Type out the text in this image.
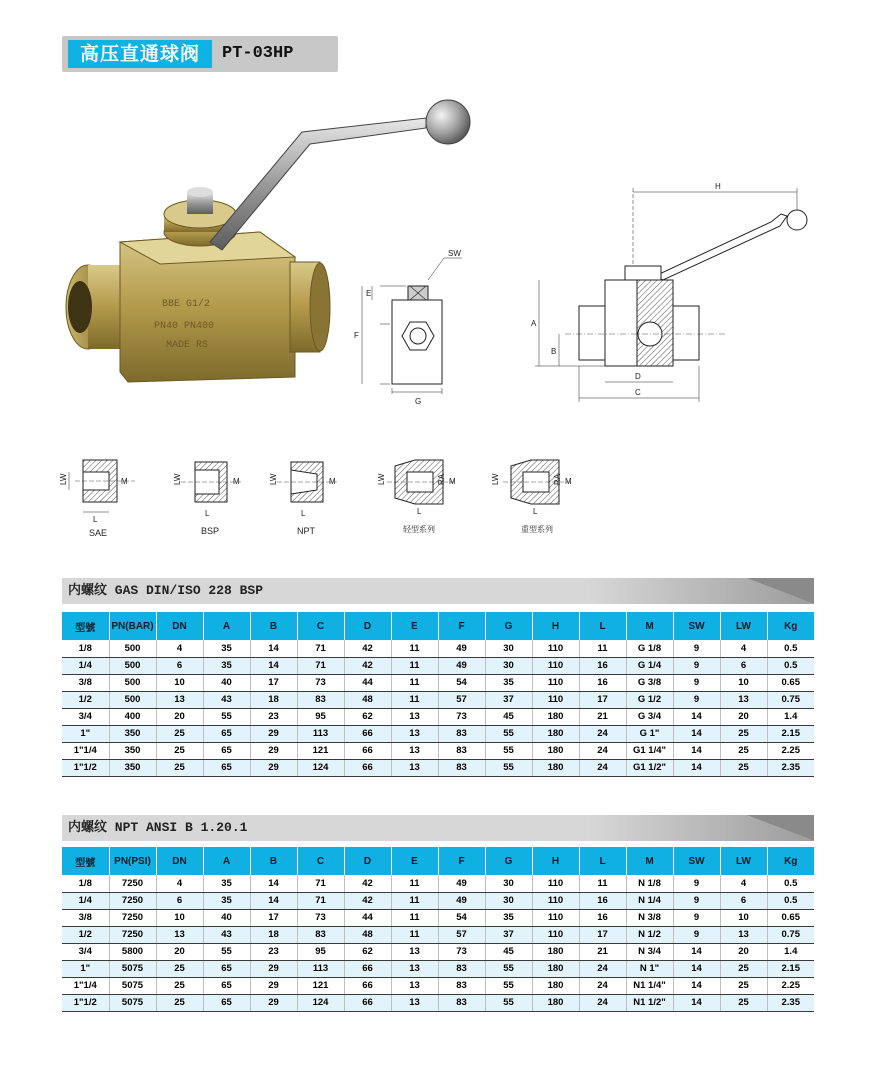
高压直通球阀	PT-03HP
BBE G1/2
PN40 PN400
MADE RS
SW
E
F
G
H
A
B
D
C
LW
L
M
SAE
LW
L
M
BSP
LW
L
M
NPT
LW
L
RA M
轻型系列
LW
L
RA M
重型系列
内螺纹 GAS DIN/ISO 228 BSP
型號	PN(BAR)	DN	A	B	C	D	E	F	G	H	L	M	SW	LW	Kg
1/8	500	4	35	14	71	42	11	49	30	110	11	G 1/8	9	4	0.5
1/4	500	6	35	14	71	42	11	49	30	110	16	G 1/4	9	6	0.5
3/8	500	10	40	17	73	44	11	54	35	110	16	G 3/8	9	10	0.65
1/2	500	13	43	18	83	48	11	57	37	110	17	G 1/2	9	13	0.75
3/4	400	20	55	23	95	62	13	73	45	180	21	G 3/4	14	20	1.4
1"	350	25	65	29	113	66	13	83	55	180	24	G 1"	14	25	2.15
1"1/4	350	25	65	29	121	66	13	83	55	180	24	G1 1/4"	14	25	2.25
1"1/2	350	25	65	29	124	66	13	83	55	180	24	G1 1/2"	14	25	2.35
内螺纹 NPT ANSI B 1.20.1
型號	PN(PSI)	DN	A	B	C	D	E	F	G	H	L	M	SW	LW	Kg
1/8	7250	4	35	14	71	42	11	49	30	110	11	N 1/8	9	4	0.5
1/4	7250	6	35	14	71	42	11	49	30	110	16	N 1/4	9	6	0.5
3/8	7250	10	40	17	73	44	11	54	35	110	16	N 3/8	9	10	0.65
1/2	7250	13	43	18	83	48	11	57	37	110	17	N 1/2	9	13	0.75
3/4	5800	20	55	23	95	62	13	73	45	180	21	N 3/4	14	20	1.4
1"	5075	25	65	29	113	66	13	83	55	180	24	N 1"	14	25	2.15
1"1/4	5075	25	65	29	121	66	13	83	55	180	24	N1 1/4"	14	25	2.25
1"1/2	5075	25	65	29	124	66	13	83	55	180	24	N1 1/2"	14	25	2.35
